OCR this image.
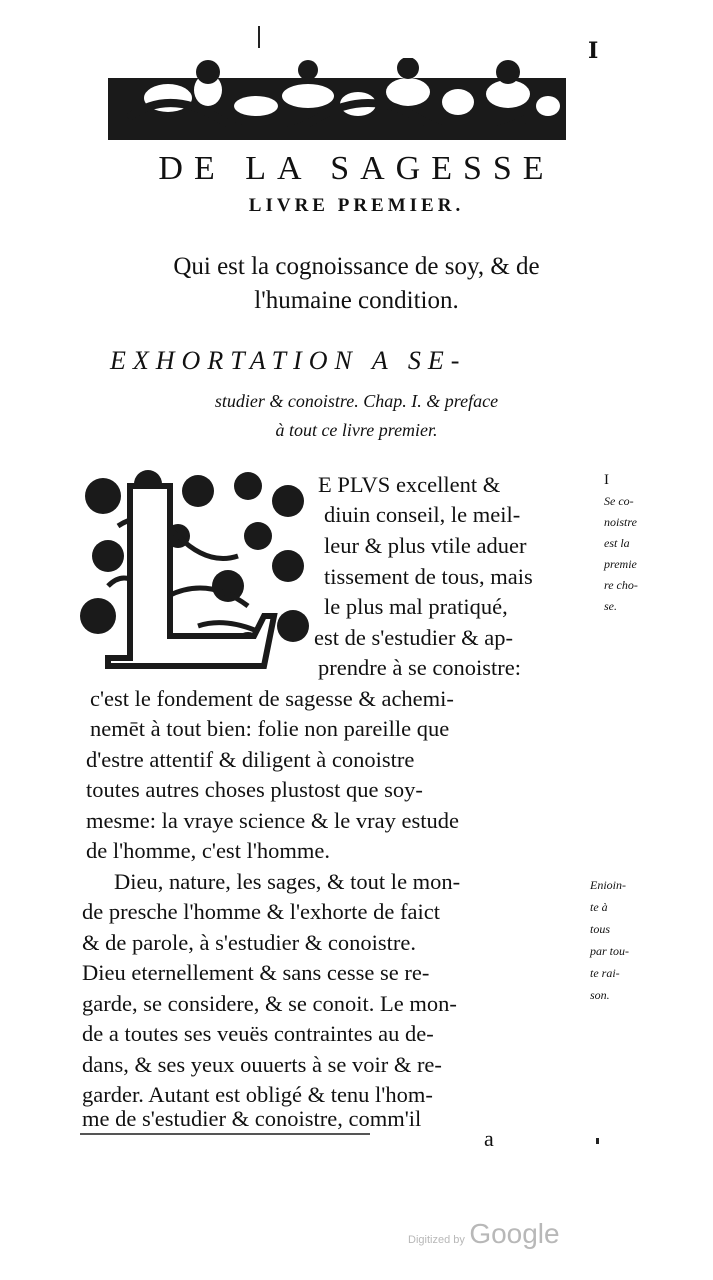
I
DE LA SAGESSE
LIVRE PREMIER.
Qui est la cognoissance de soy, & de
l'humaine condition.
EXHORTATION A SE-
studier & conoistre. Chap. I. & preface
à tout ce livre premier.
E PLVS excellent &
diuin conseil, le meil-
leur & plus vtile aduer
tissement de tous, mais
le plus mal pratiqué,
est de s'estudier & ap-
prendre à se conoistre:
c'est le fondement de sagesse & achemi-
nemēt à tout bien: folie non pareille que
d'estre attentif & diligent à conoistre
toutes autres choses plustost que soy-
mesme: la vraye science & le vray estude
de l'homme, c'est l'homme.
Dieu, nature, les sages, & tout le mon-
de presche l'homme & l'exhorte de faict
& de parole, à s'estudier & conoistre.
Dieu eternellement & sans cesse se re-
garde, se considere, & se conoit. Le mon-
de a toutes ses veuës contraintes au de-
dans, & ses yeux ouuerts à se voir & re-
garder. Autant est obligé & tenu l'hom-
me de s'estudier & conoistre, comm'il
I
Se co-
noistre
est la
premie
re cho-
se.
Enioin-
te à
tous
par tou-
te rai-
son.
a
Digitized by Google
